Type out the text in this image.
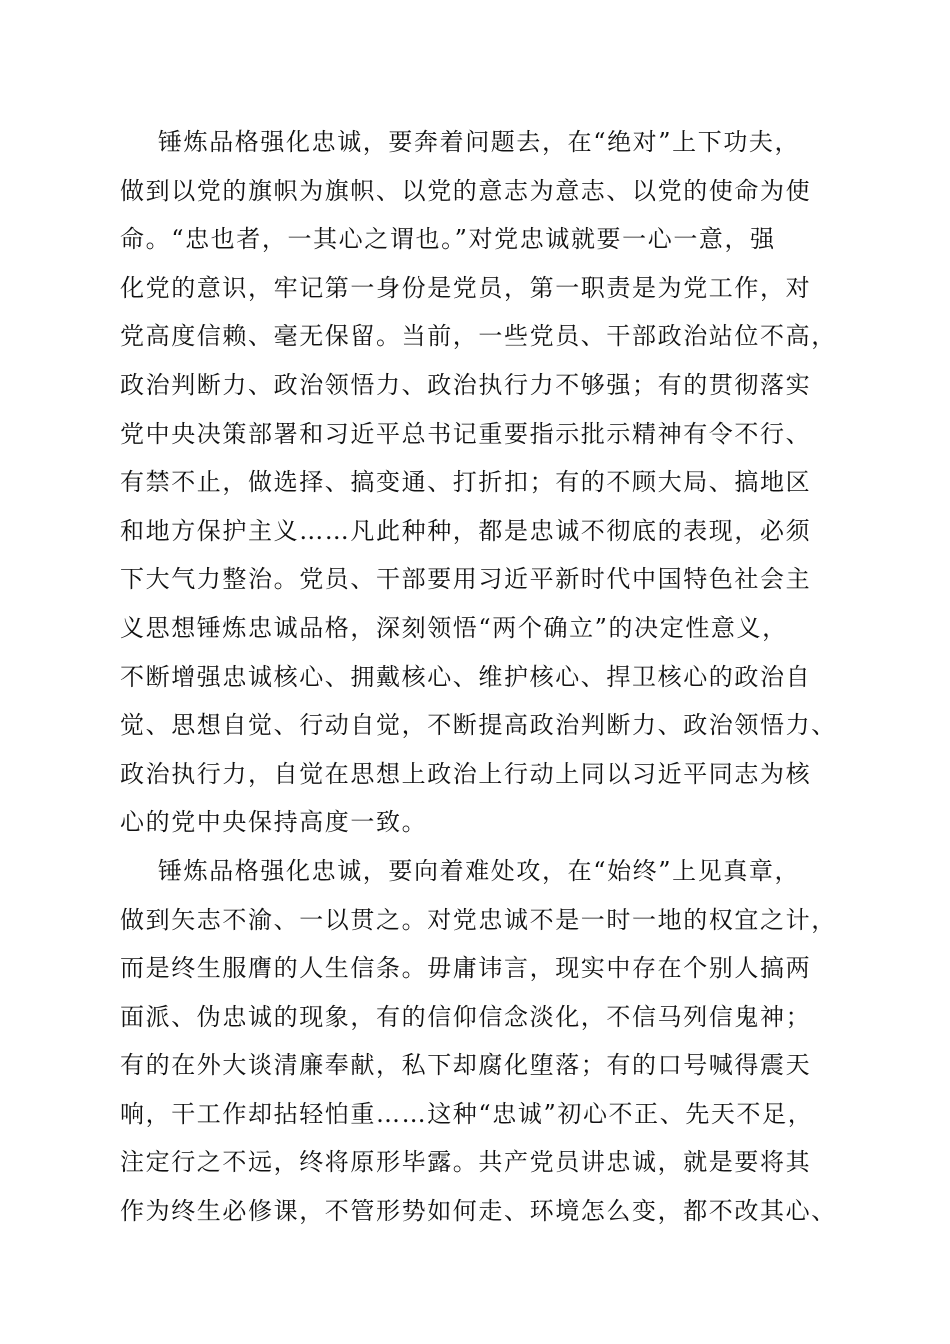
锤炼品格强化忠诚，要奔着问题去，在“绝对”上下功夫，
做到以党的旗帜为旗帜、以党的意志为意志、以党的使命为使
命。“忠也者，一其心之谓也。”对党忠诚就要一心一意，强
化党的意识，牢记第一身份是党员，第一职责是为党工作，对
党高度信赖、毫无保留。当前，一些党员、干部政治站位不高，
政治判断力、政治领悟力、政治执行力不够强；有的贯彻落实
党中央决策部署和习近平总书记重要指示批示精神有令不行、
有禁不止，做选择、搞变通、打折扣；有的不顾大局、搞地区
和地方保护主义……凡此种种，都是忠诚不彻底的表现，必须
下大气力整治。党员、干部要用习近平新时代中国特色社会主
义思想锤炼忠诚品格，深刻领悟“两个确立”的决定性意义，
不断增强忠诚核心、拥戴核心、维护核心、捍卫核心的政治自
觉、思想自觉、行动自觉，不断提高政治判断力、政治领悟力、
政治执行力，自觉在思想上政治上行动上同以习近平同志为核
心的党中央保持高度一致。
锤炼品格强化忠诚，要向着难处攻，在“始终”上见真章，
做到矢志不渝、一以贯之。对党忠诚不是一时一地的权宜之计，
而是终生服膺的人生信条。毋庸讳言，现实中存在个别人搞两
面派、伪忠诚的现象，有的信仰信念淡化，不信马列信鬼神；
有的在外大谈清廉奉献，私下却腐化堕落；有的口号喊得震天
响，干工作却拈轻怕重……这种“忠诚”初心不正、先天不足，
注定行之不远，终将原形毕露。共产党员讲忠诚，就是要将其
作为终生必修课，不管形势如何走、环境怎么变，都不改其心、
